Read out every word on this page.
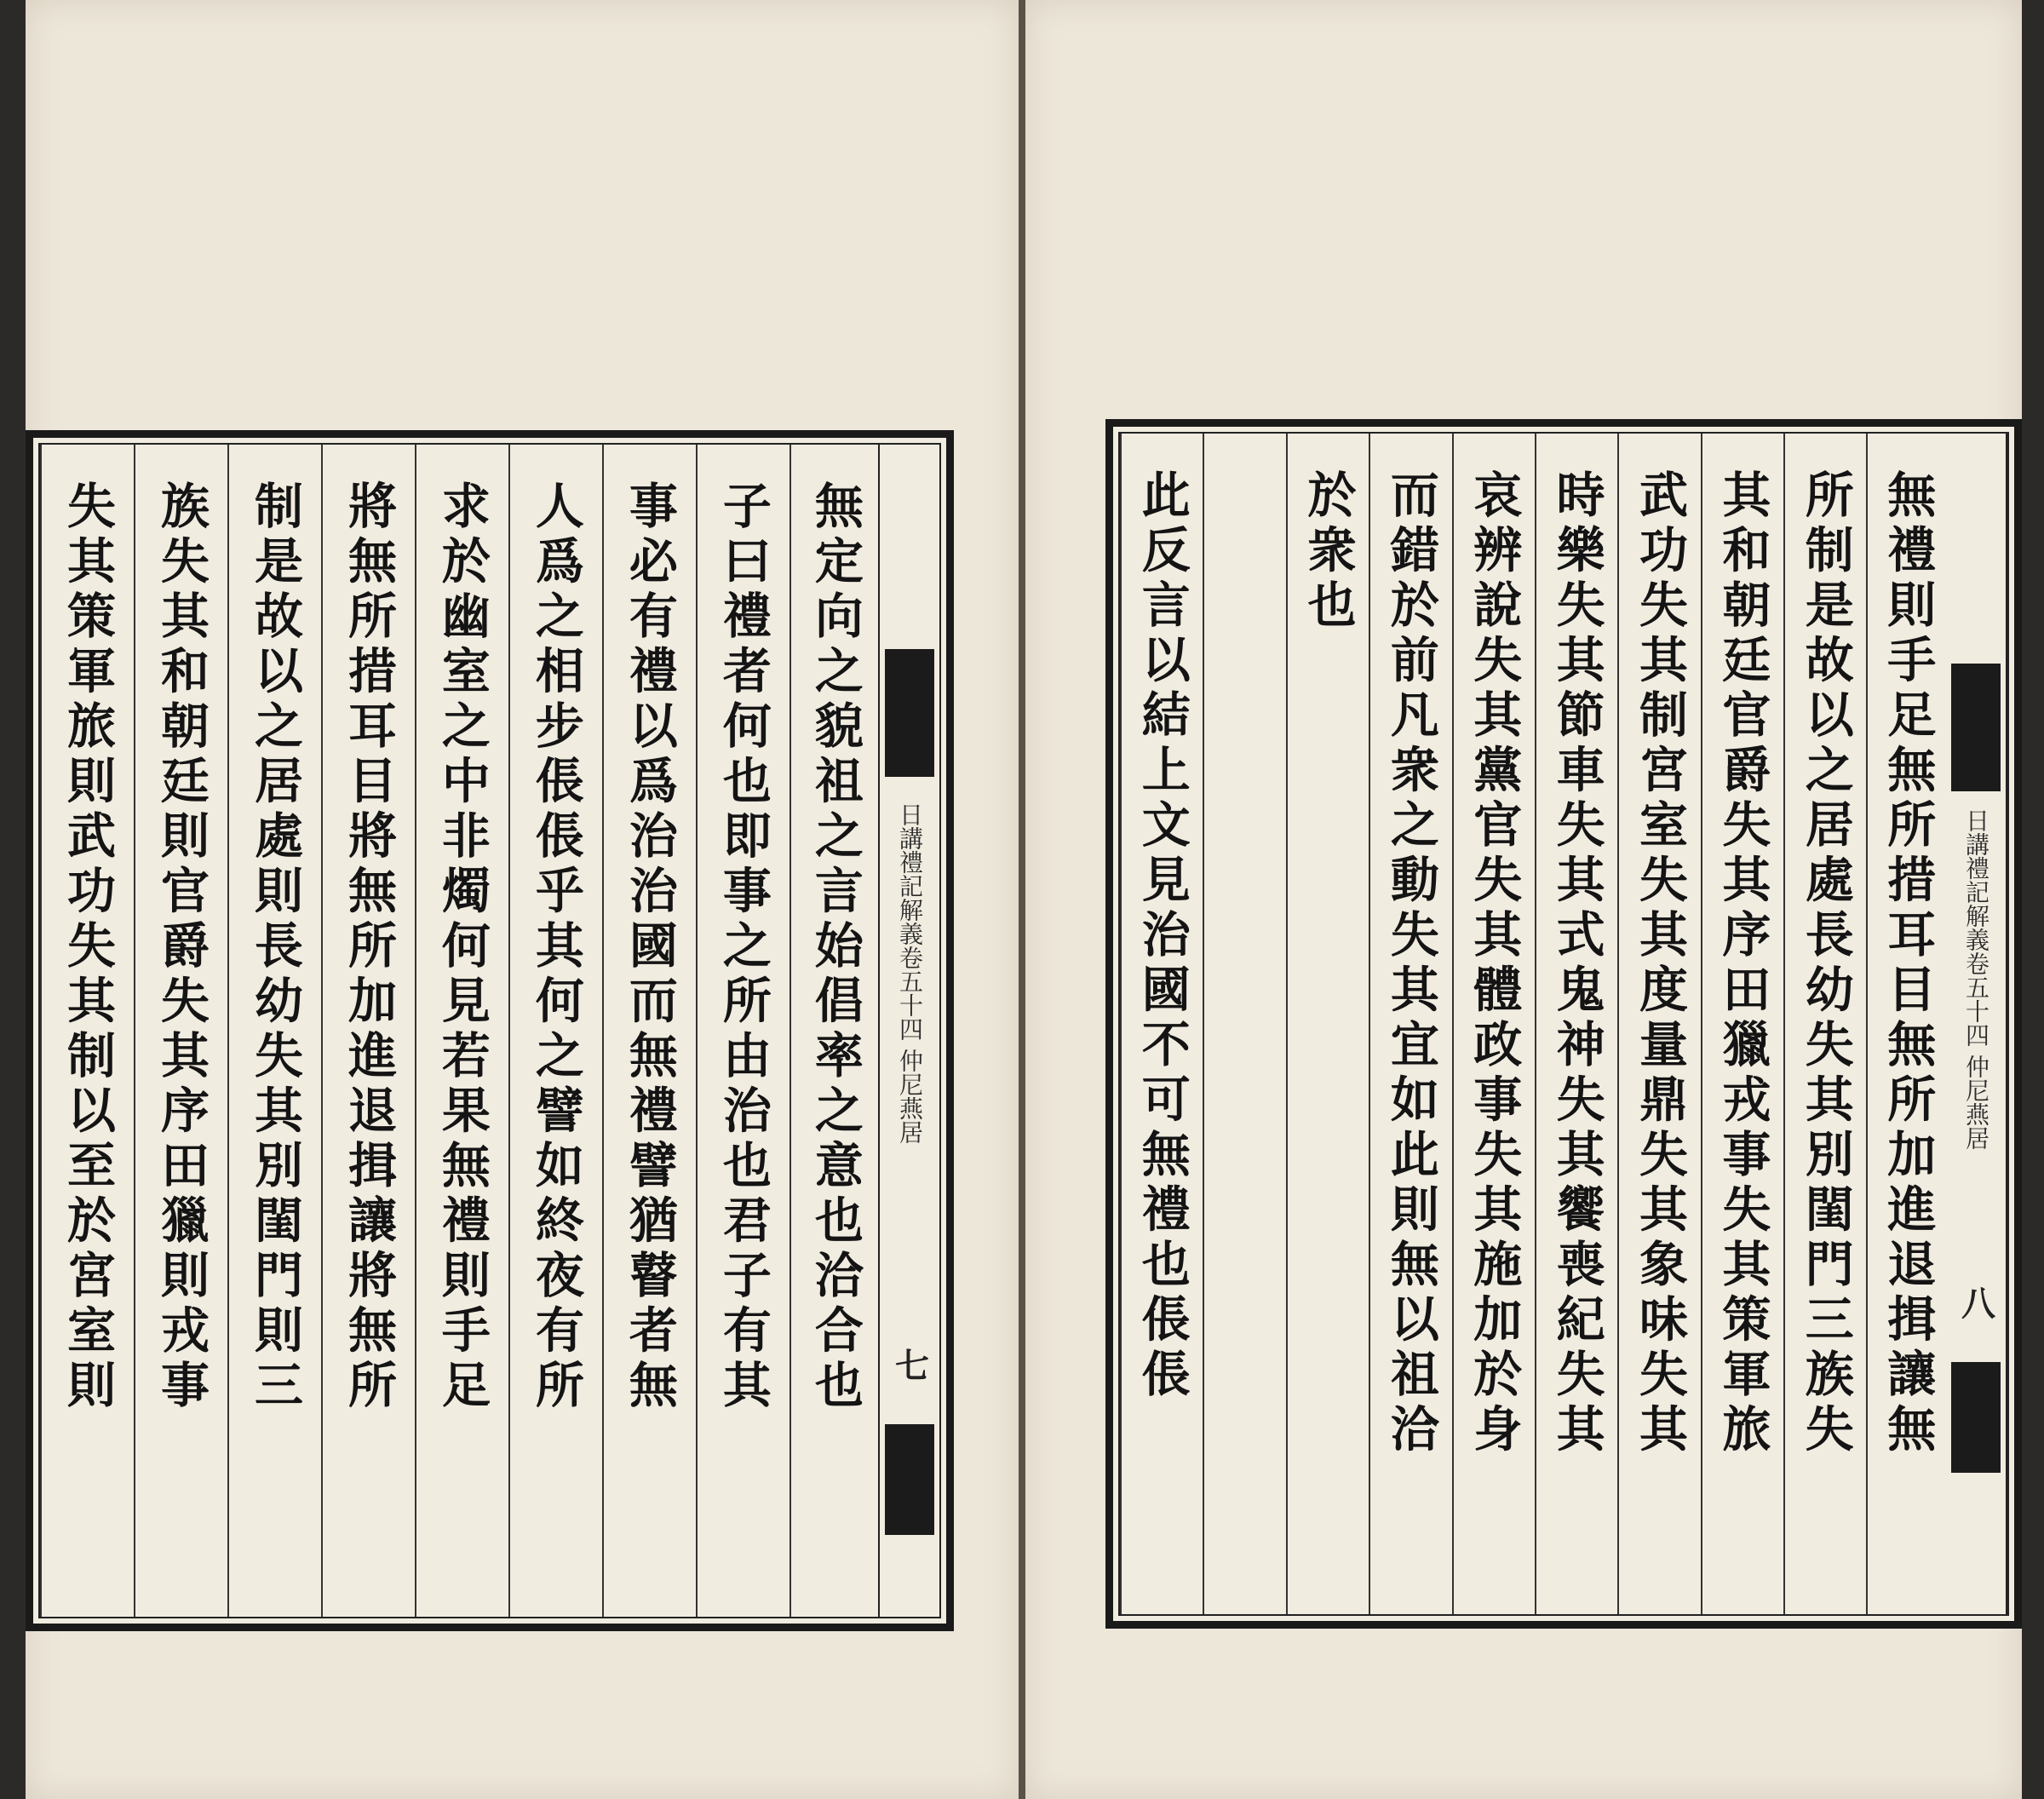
失其策軍旅則武功失其制以至於宮室則 族失其和朝廷則官爵失其序田獵則戎事 制是故以之居處則長幼失其別閨門則三 將無所措耳目將無所加進退揖讓將無所 求於幽室之中非燭何見若果無禮則手足 人爲之相步倀倀乎其何之譬如終夜有所 事必有禮以爲治治國而無禮譬猶瞽者無 子曰禮者何也即事之所由治也君子有其 無定向之貌祖之言始倡率之意也洽合也 日講禮記解義卷五十四 仲尼燕居
七
日講禮記解義卷五十四 仲尼燕居
八
此反言以結上文見治國不可無禮也倀倀 於衆也 而錯於前凡衆之動失其宜如此則無以祖洽 哀辨說失其黨官失其體政事失其施加於身 時樂失其節車失其式鬼神失其饗喪紀失其 武功失其制宮室失其度量鼎失其象味失其 其和朝廷官爵失其序田獵戎事失其策軍旅 所制是故以之居處長幼失其別閨門三族失 無禮則手足無所措耳目無所加進退揖讓無
